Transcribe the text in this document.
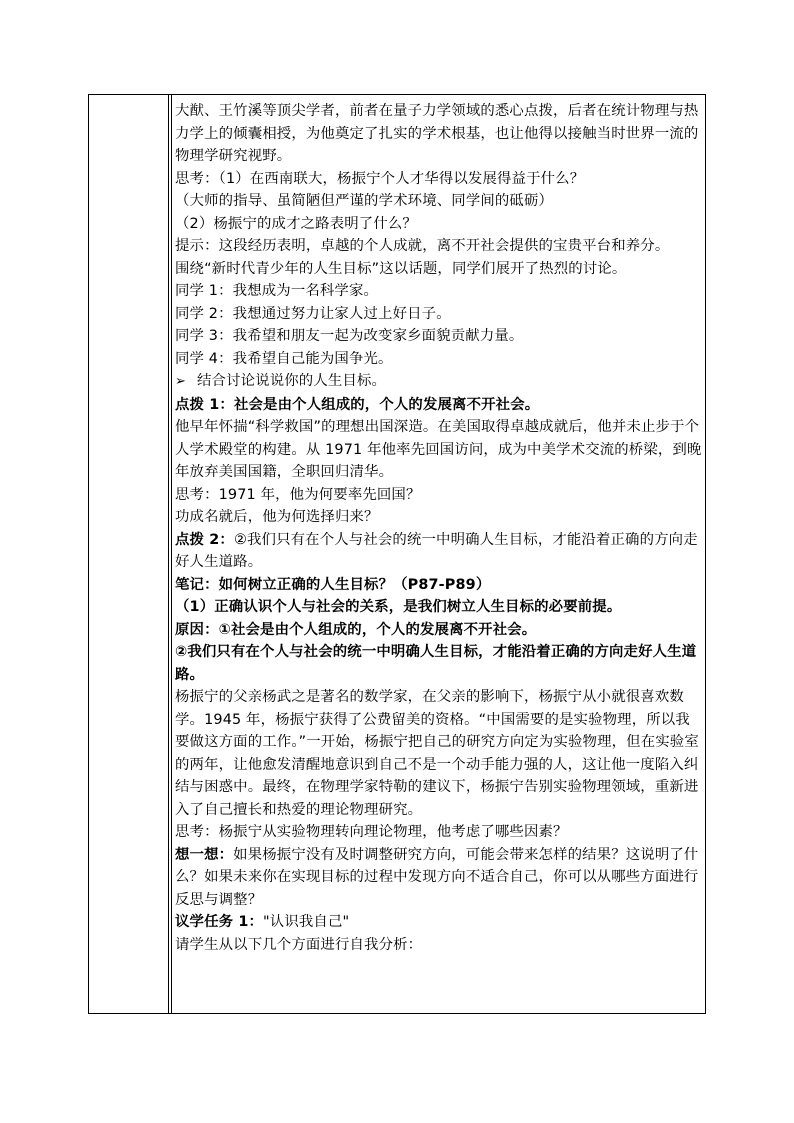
大猷、王竹溪等顶尖学者，前者在量子力学领域的悉心点拨，后者在统计物理与热力学上的倾囊相授，为他奠定了扎实的学术根基，也让他得以接触当时世界一流的物理学研究视野。

思考：（1）在西南联大，杨振宁个人才华得以发展得益于什么？

（大师的指导、虽简陋但严谨的学术环境、同学间的砥砺）

（2）杨振宁的成才之路表明了什么？

提示：这段经历表明，卓越的个人成就，离不开社会提供的宝贵平台和养分。

围绕“新时代青少年的人生目标”这以话题，同学们展开了热烈的讨论。

同学 1：我想成为一名科学家。

同学 2：我想通过努力让家人过上好日子。

同学 3：我希望和朋友一起为改变家乡面貌贡献力量。

同学 4：我希望自己能为国争光。

➢ 结合讨论说说你的人生目标。

点拨 1：社会是由个人组成的，个人的发展离不开社会。

他早年怀揣“科学救国”的理想出国深造。在美国取得卓越成就后，他并未止步于个人学术殿堂的构建。从 1971 年他率先回国访问，成为中美学术交流的桥梁，到晚年放弃美国国籍，全职回归清华。

思考：1971 年，他为何要率先回国？

功成名就后，他为何选择归来？

点拨 2：②我们只有在个人与社会的统一中明确人生目标，才能沿着正确的方向走好人生道路。

笔记：如何树立正确的人生目标？（P87-P89）

（1）正确认识个人与社会的关系，是我们树立人生目标的必要前提。

原因：①社会是由个人组成的，个人的发展离不开社会。

②我们只有在个人与社会的统一中明确人生目标，才能沿着正确的方向走好人生道路。

杨振宁的父亲杨武之是著名的数学家，在父亲的影响下，杨振宁从小就很喜欢数学。1945 年，杨振宁获得了公费留美的资格。“中国需要的是实验物理，所以我要做这方面的工作。”一开始，杨振宁把自己的研究方向定为实验物理，但在实验室的两年，让他愈发清醒地意识到自己不是一个动手能力强的人，这让他一度陷入纠结与困惑中。最终，在物理学家特勒的建议下，杨振宁告别实验物理领域，重新进入了自己擅长和热爱的理论物理研究。

思考：杨振宁从实验物理转向理论物理，他考虑了哪些因素？

想一想：如果杨振宁没有及时调整研究方向，可能会带来怎样的结果？这说明了什么？如果未来你在实现目标的过程中发现方向不适合自己，你可以从哪些方面进行反思与调整？

议学任务 1："认识我自己"

请学生从以下几个方面进行自我分析：
